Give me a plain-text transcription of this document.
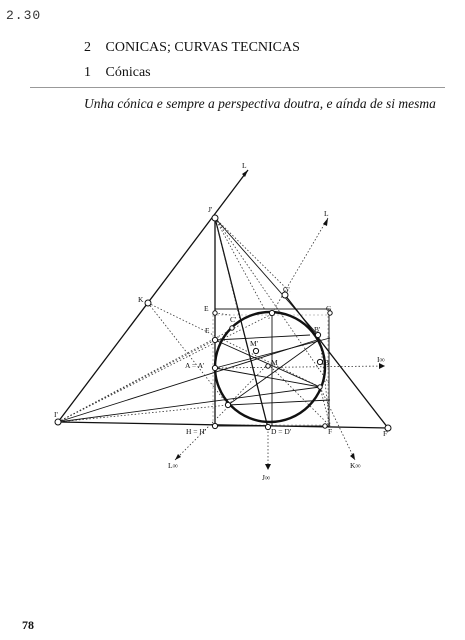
2.30
2 CONICAS; CURVAS TECNICAS
1 Cónicas
Unha cónica e sempre a perspectiva doutra, e aínda de si mesma
L
J'	L
K
G'
E
C'
G
B'
F
M'
M
A = A'	B	I∞
I'
H = H'	D = D'	F	F'
L∞
J∞
K∞
78
